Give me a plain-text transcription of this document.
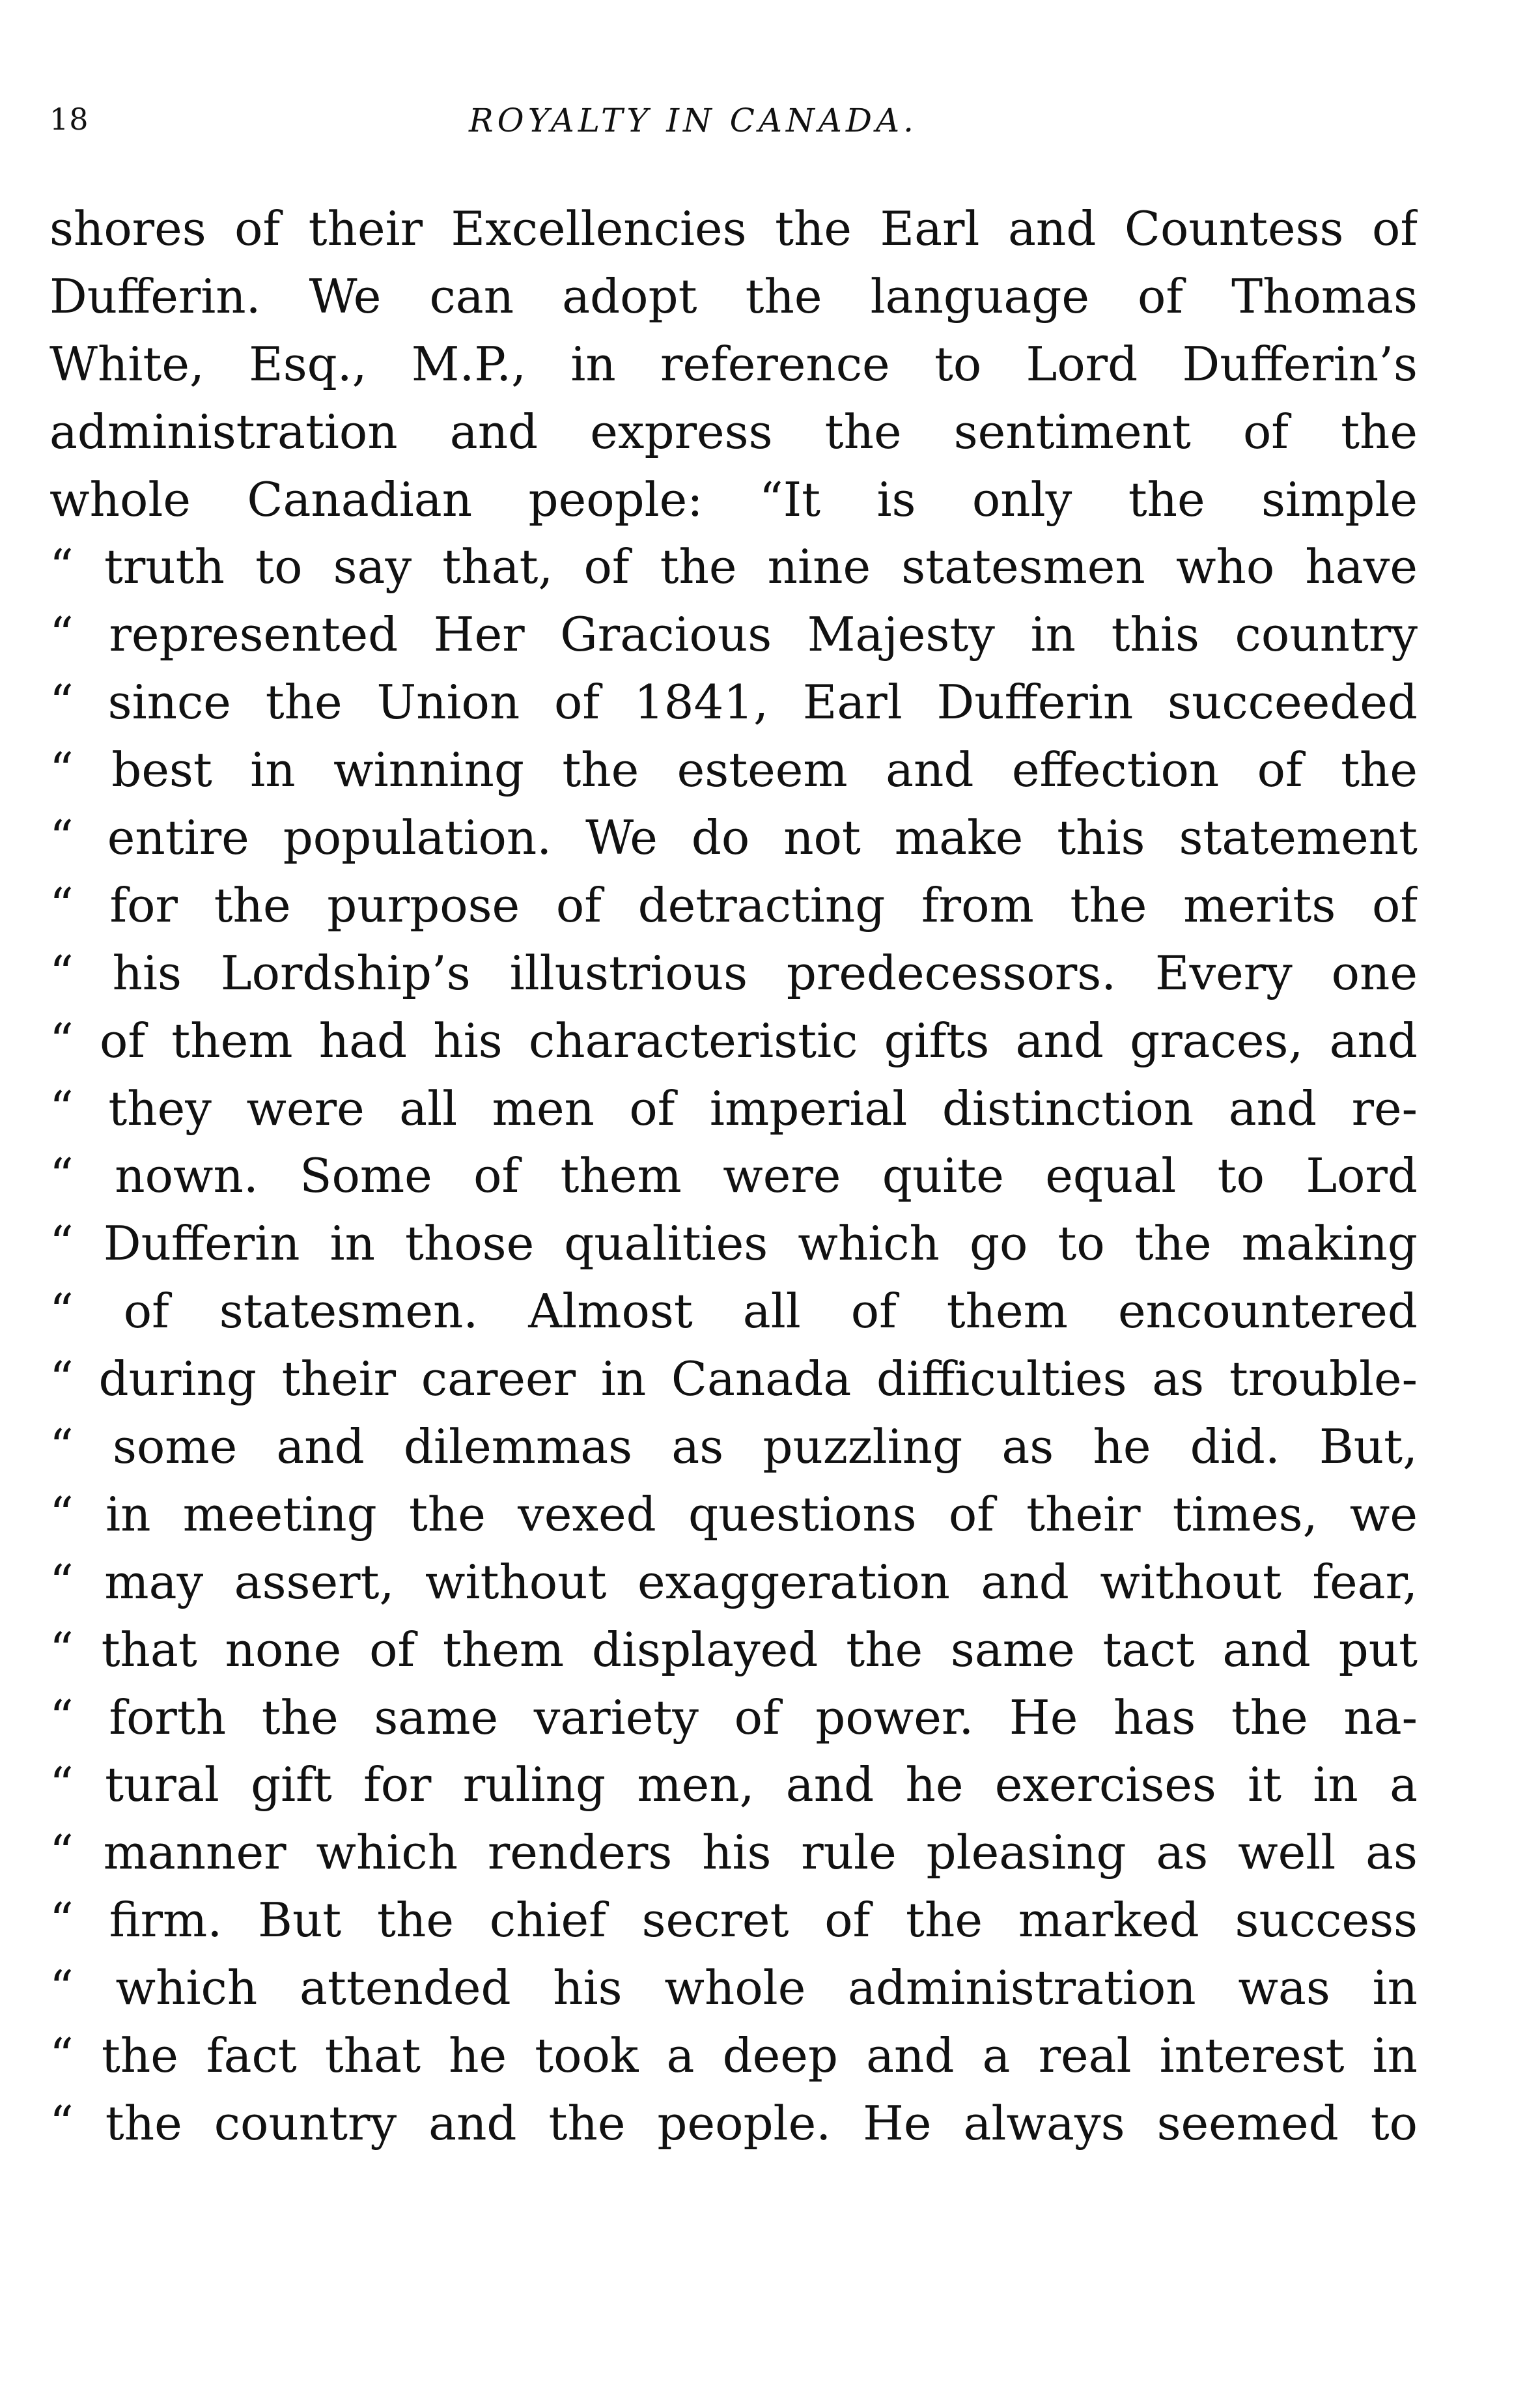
18	ROYALTY IN CANADA.
shores of their Excellencies the Earl and Countess of
Dufferin. We can adopt the language of Thomas
White, Esq., M.P., in reference to Lord Dufferin’s
administration and express the sentiment of the
whole Canadian people: “It is only the simple
“ truth to say that, of the nine statesmen who have
“ represented Her Gracious Majesty in this country
“ since the Union of 1841, Earl Dufferin succeeded
“ best in winning the esteem and effection of the
“ entire population. We do not make this statement
“ for the purpose of detracting from the merits of
“ his Lordship’s illustrious predecessors. Every one
“ of them had his characteristic gifts and graces, and
“ they were all men of imperial distinction and re-
“ nown. Some of them were quite equal to Lord
“ Dufferin in those qualities which go to the making
“ of statesmen. Almost all of them encountered
“ during their career in Canada difficulties as trouble-
“ some and dilemmas as puzzling as he did. But,
“ in meeting the vexed questions of their times, we
“ may assert, without exaggeration and without fear,
“ that none of them displayed the same tact and put
“ forth the same variety of power. He has the na-
“ tural gift for ruling men, and he exercises it in a
“ manner which renders his rule pleasing as well as
“ firm. But the chief secret of the marked success
“ which attended his whole administration was in
“ the fact that he took a deep and a real interest in
“ the country and the people. He always seemed to
